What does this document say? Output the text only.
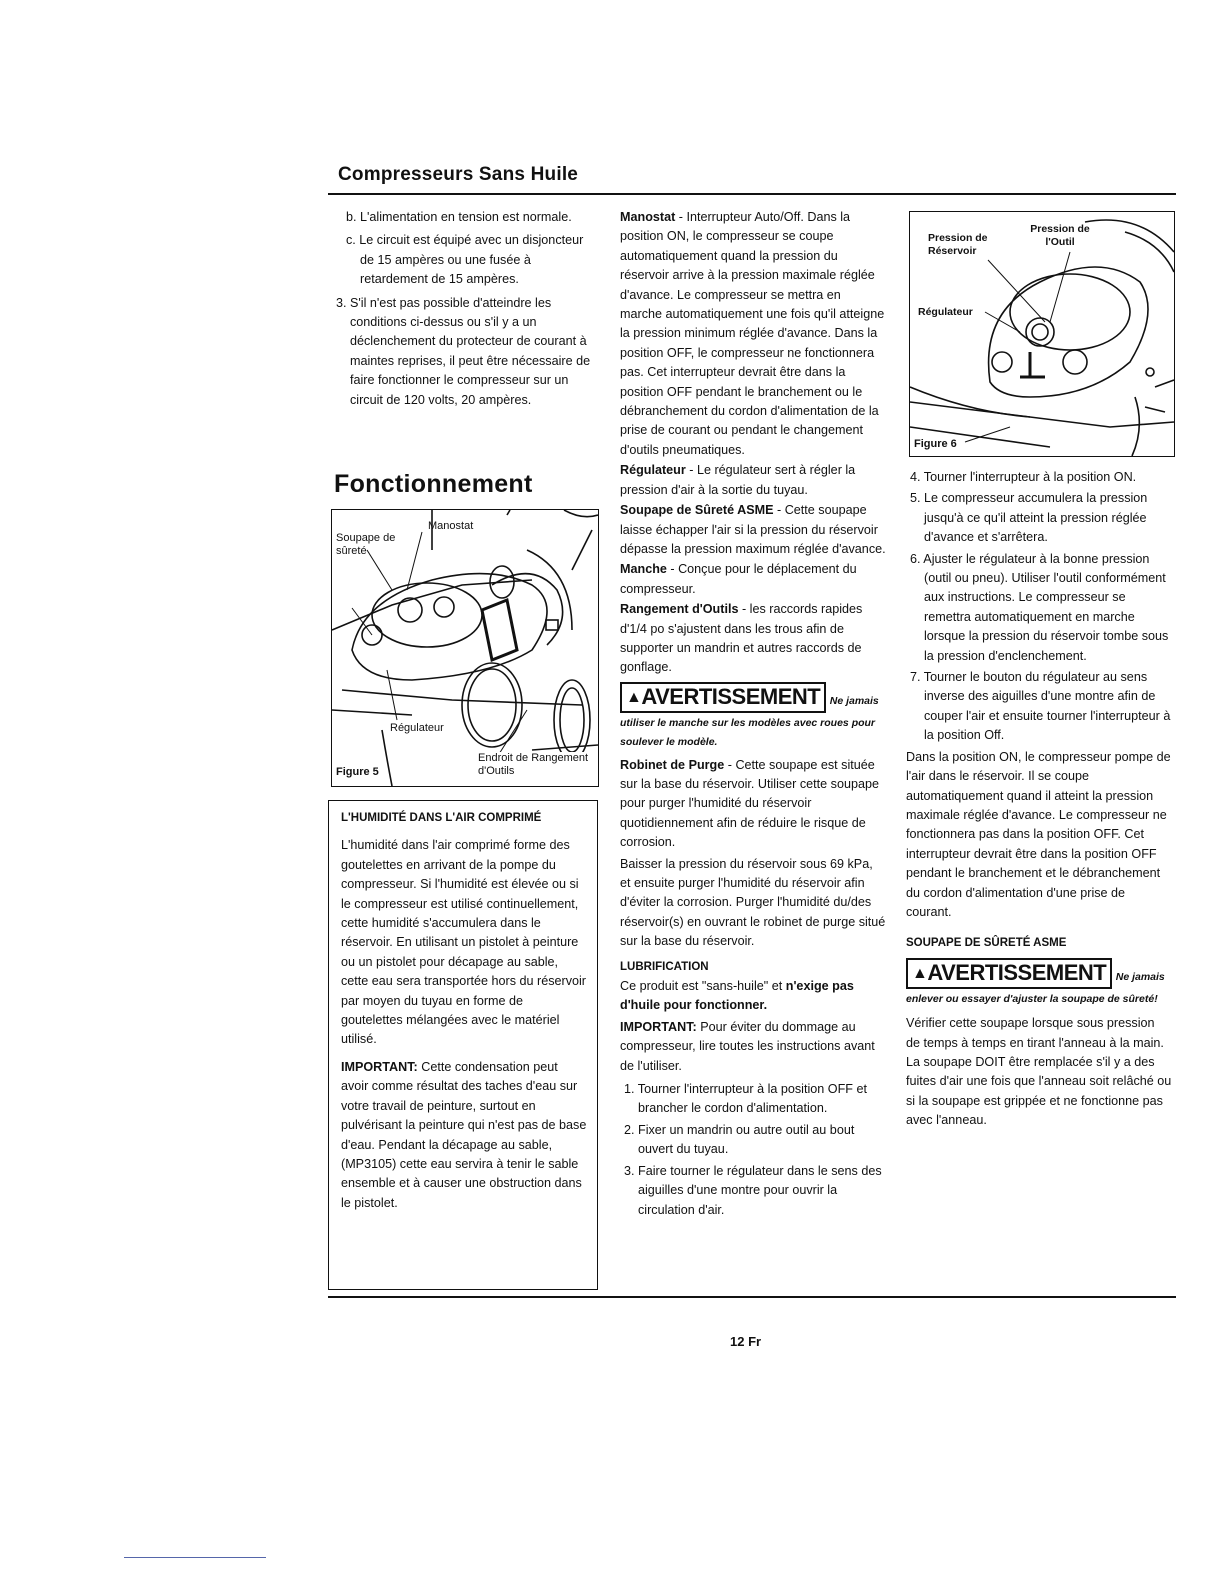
Compresseurs Sans Huile

b. L'alimentation en tension est normale.

c. Le circuit est équipé avec un disjoncteur de 15 ampères ou une fusée à retardement de 15 ampères.

3. S'il n'est pas possible d'atteindre les conditions ci-dessus ou s'il y a un déclenchement du protecteur de courant à maintes reprises, il peut être nécessaire de faire fonctionner le compresseur sur un circuit de 120 volts, 20 ampères.

Fonctionnement
Manostat
Soupape de sûreté
Régulateur
Endroit de Rangement d'Outils
Figure 5

L'HUMIDITÉ DANS L'AIR COMPRIMÉ

L'humidité dans l'air comprimé forme des goutelettes en arrivant de la pompe du compresseur. Si l'humidité est élevée ou si le compresseur est utilisé continuellement, cette humidité s'accumulera dans le réservoir. En utilisant un pistolet à peinture ou un pistolet pour décapage au sable, cette eau sera transportée hors du réservoir par moyen du tuyau en forme de goutelettes mélangées avec le matériel utilisé.

IMPORTANT: Cette condensation peut avoir comme résultat des taches d'eau sur votre travail de peinture, surtout en pulvérisant la peinture qui n'est pas de base d'eau. Pendant la décapage au sable, (MP3105) cette eau servira à tenir le sable ensemble et à causer une obstruction dans le pistolet.

Manostat - Interrupteur Auto/Off. Dans la position ON, le compresseur se coupe automatiquement quand la pression du réservoir arrive à la pression maximale réglée d'avance. Le compresseur se mettra en marche automatiquement une fois qu'il atteigne la pression minimum réglée d'avance. Dans la position OFF, le compresseur ne fonctionnera pas. Cet interrupteur devrait être dans la position OFF pendant le branchement ou le débranchement du cordon d'alimentation de la prise de courant ou pendant le changement d'outils pneumatiques.

Régulateur - Le régulateur sert à régler la pression d'air à la sortie du tuyau.

Soupape de Sûreté ASME - Cette soupape laisse échapper l'air si la pression du réservoir dépasse la pression maximum réglée d'avance.

Manche - Conçue pour le déplacement du compresseur.

Rangement d'Outils - les raccords rapides d'1/4 po s'ajustent dans les trous afin de supporter un mandrin et autres raccords de gonflage.

▲AVERTISSEMENT Ne jamais utiliser le manche sur les modèles avec roues pour soulever le modèle.

Robinet de Purge - Cette soupape est située sur la base du réservoir. Utiliser cette soupape pour purger l'humidité du réservoir quotidiennement afin de réduire le risque de corrosion.

Baisser la pression du réservoir sous 69 kPa, et ensuite purger l'humidité du réservoir afin d'éviter la corrosion. Purger l'humidité du/des réservoir(s) en ouvrant le robinet de purge situé sur la base du réservoir.

LUBRIFICATION

Ce produit est "sans-huile" et n'exige pas d'huile pour fonctionner.

IMPORTANT: Pour éviter du dommage au compresseur, lire toutes les instructions avant de l'utiliser.

1. Tourner l'interrupteur à la position OFF et brancher le cordon d'alimentation.

2. Fixer un mandrin ou autre outil au bout ouvert du tuyau.

3. Faire tourner le régulateur dans le sens des aiguilles d'une montre pour ouvrir la circulation d'air.

Pression de Réservoir
Pression de l'Outil
Régulateur
Figure 6

4. Tourner l'interrupteur à la position ON.

5. Le compresseur accumulera la pression jusqu'à ce qu'il atteint la pression réglée d'avance et s'arrêtera.

6. Ajuster le régulateur à la bonne pression (outil ou pneu). Utiliser l'outil conformément aux instructions. Le compresseur se remettra automatiquement en marche lorsque la pression du réservoir tombe sous la pression d'enclenchement.

7. Tourner le bouton du régulateur au sens inverse des aiguilles d'une montre afin de couper l'air et ensuite tourner l'interrupteur à la position Off.

Dans la position ON, le compresseur pompe de l'air dans le réservoir. Il se coupe automatiquement quand il atteint la pression maximale réglée d'avance. Le compresseur ne fonctionnera pas dans la position OFF. Cet interrupteur devrait être dans la position OFF pendant le branchement et le débranchement du cordon d'alimentation d'une prise de courant.

SOUPAPE DE SÛRETÉ ASME

▲AVERTISSEMENT Ne jamais enlever ou essayer d'ajuster la soupape de sûreté!

Vérifier cette soupape lorsque sous pression de temps à temps en tirant l'anneau à la main. La soupape DOIT être remplacée s'il y a des fuites d'air une fois que l'anneau soit relâché ou si la soupape est grippée et ne fonctionne pas avec l'anneau.

12 Fr
